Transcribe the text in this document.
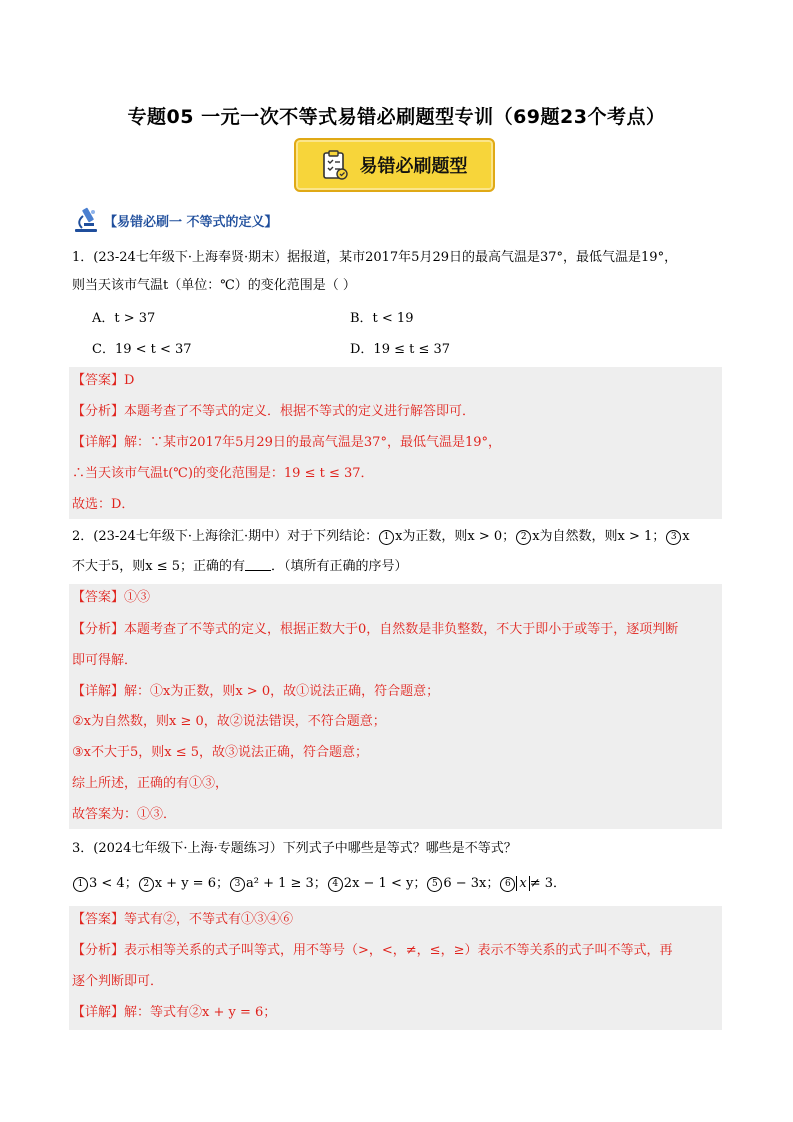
专题05 一元一次不等式易错必刷题型专训（69题23个考点）
易错必刷题型
【易错必刷一 不等式的定义】
1．(23-24七年级下·上海奉贤·期末）据报道，某市2017年5月29日的最高气温是37°，最低气温是19°，
则当天该市气温t（单位：℃）的变化范围是（ ）
A．t > 37	B．t < 19
C．19 < t < 37	D．19 ≤ t ≤ 37
【答案】D
【分析】本题考查了不等式的定义．根据不等式的定义进行解答即可．
【详解】解：∵某市2017年5月29日的最高气温是37°，最低气温是19°，
∴当天该市气温t(℃)的变化范围是：19 ≤ t ≤ 37．
故选：D．
2．(23-24七年级下·上海徐汇·期中）对于下列结论： 1 x为正数，则x > 0； 2 x为自然数，则x > 1； 3 x
不大于5，则x ≤ 5；正确的有 ．（填所有正确的序号）
【答案】①③
【分析】本题考查了不等式的定义，根据正数大于0，自然数是非负整数，不大于即小于或等于，逐项判断
即可得解．
【详解】解：①x为正数，则x > 0，故①说法正确，符合题意；
②x为自然数，则x ≥ 0，故②说法错误，不符合题意；
③x不大于5，则x ≤ 5，故③说法正确，符合题意；
综上所述，正确的有①③，
故答案为：①③．
3．(2024七年级下·上海·专题练习）下列式子中哪些是等式？哪些是不等式？
1 3 < 4； 2 x + y = 6； 3 a² + 1 ≥ 3； 4 2x − 1 < y； 5 6 − 3x； 6 x ≠ 3．
【答案】等式有②，不等式有①③④⑥
【分析】表示相等关系的式子叫等式，用不等号（>，<，≠，≤，≥）表示不等关系的式子叫不等式，再
逐个判断即可．
【详解】解：等式有②x + y = 6；
